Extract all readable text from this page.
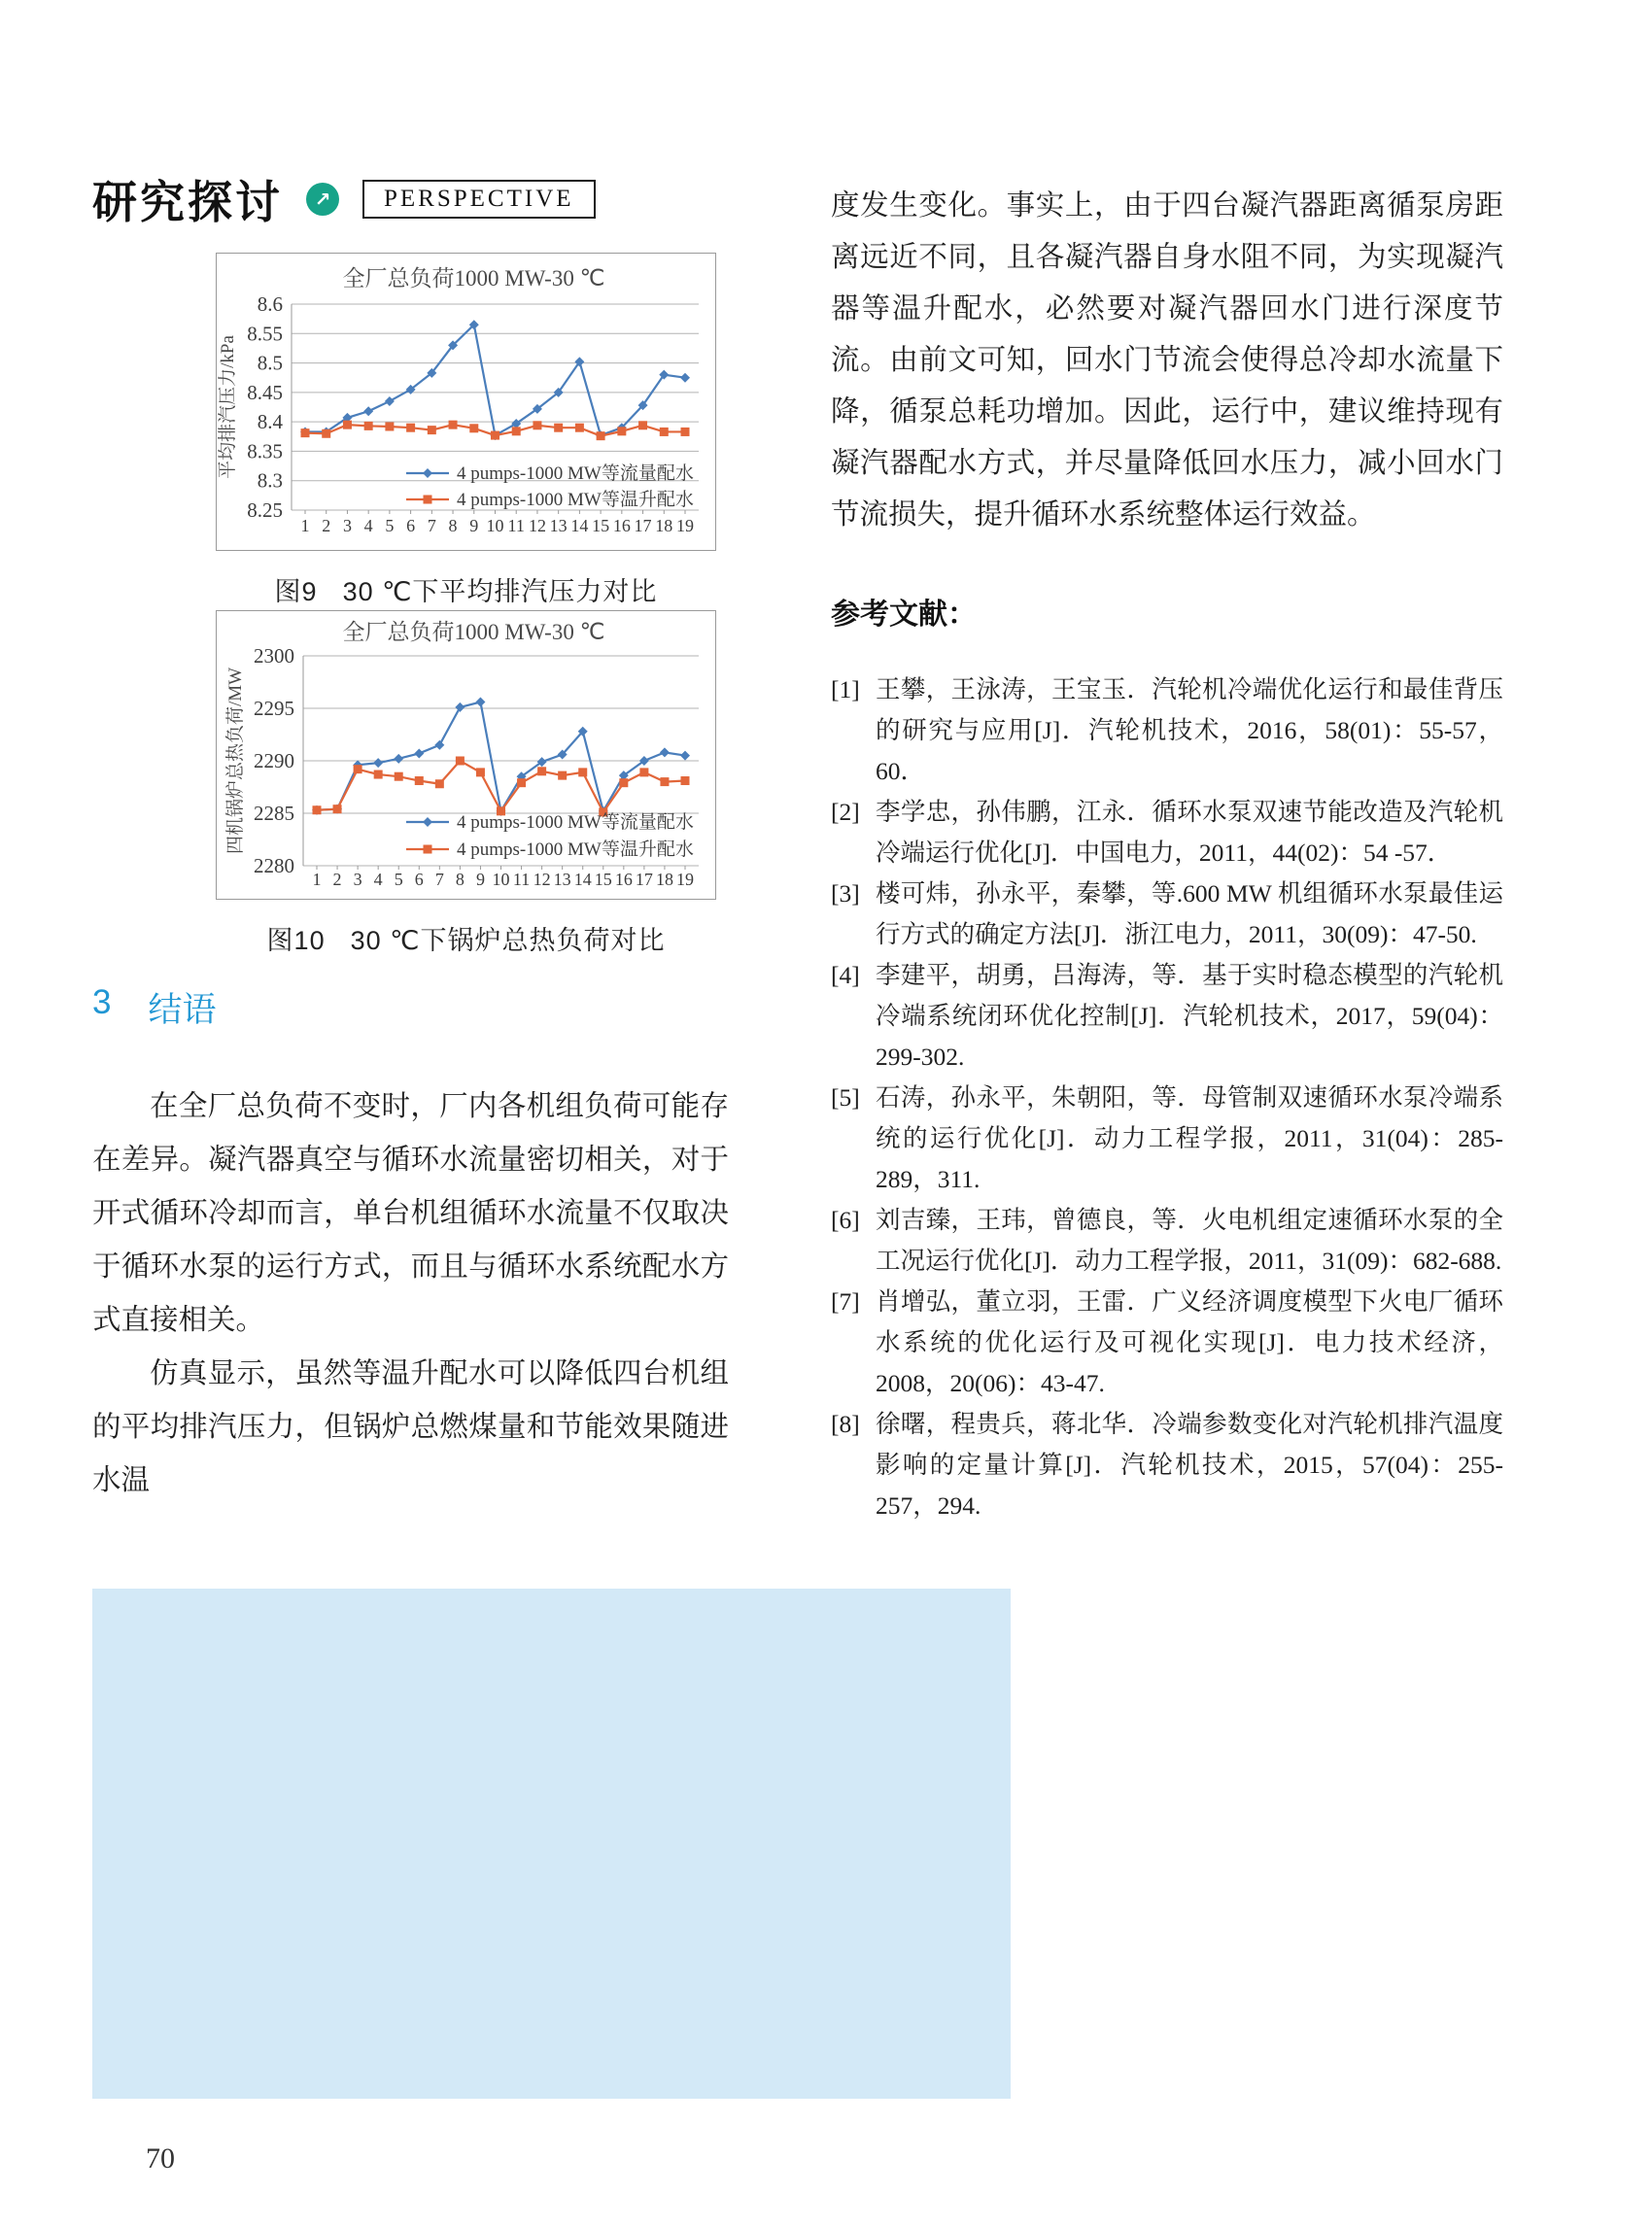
研究探讨	↗	PERSPECTIVE
8.25
8.3
8.35
8.4
8.45
8.5
8.55
8.6
1 2 3 4 5 6 7 8 9 10 11 12 13 14 15 16 17 18 19
全厂总负荷1000 MW-30 ℃
平均排汽压力/kPa	4 pumps-1000 MW等流量配水
4 pumps-1000 MW等温升配水
图9 30 ℃下平均排汽压力对比
2280
2285
2290
2295
2300
1 2 3 4 5 6 7 8 9 10 11 12 13 14 15 16 17 18 19
全厂总负荷1000 MW-30 ℃
四机锅炉总热负荷/MW	4 pumps-1000 MW等流量配水
4 pumps-1000 MW等温升配水
图10 30 ℃下锅炉总热负荷对比
3 结语

在全厂总负荷不变时，厂内各机组负荷可能存在差异。凝汽器真空与循环水流量密切相关，对于开式循环冷却而言，单台机组循环水流量不仅取决于循环水泵的运行方式，而且与循环水系统配水方式直接相关。

仿真显示，虽然等温升配水可以降低四台机组的平均排汽压力，但锅炉总燃煤量和节能效果随进水温

度发生变化。事实上，由于四台凝汽器距离循泵房距离远近不同，且各凝汽器自身水阻不同，为实现凝汽器等温升配水，必然要对凝汽器回水门进行深度节流。由前文可知，回水门节流会使得总冷却水流量下降，循泵总耗功增加。因此，运行中，建议维持现有凝汽器配水方式，并尽量降低回水压力，减小回水门节流损失，提升循环水系统整体运行效益。

参考文献：
[1] 王攀，王泳涛，王宝玉．汽轮机冷端优化运行和最佳背压的研究与应用[J]．汽轮机技术，2016，58(01)：55-57，60．
[2] 李学忠，孙伟鹏，江永．循环水泵双速节能改造及汽轮机冷端运行优化[J]．中国电力，2011，44(02)：54 -57．
[3] 楼可炜，孙永平，秦攀，等.600 MW 机组循环水泵最佳运行方式的确定方法[J]．浙江电力，2011，30(09)：47-50.
[4] 李建平，胡勇，吕海涛，等．基于实时稳态模型的汽轮机冷端系统闭环优化控制[J]．汽轮机技术，2017，59(04)：299-302.
[5] 石涛，孙永平，朱朝阳，等．母管制双速循环水泵冷端系统的运行优化[J]．动力工程学报，2011，31(04)：285-289，311.
[6] 刘吉臻，王玮，曾德良，等．火电机组定速循环水泵的全工况运行优化[J]．动力工程学报，2011，31(09)：682-688.
[7] 肖增弘，董立羽，王雷．广义经济调度模型下火电厂循环水系统的优化运行及可视化实现[J]．电力技术经济，2008，20(06)：43-47.
[8] 徐曙，程贵兵，蒋北华．冷端参数变化对汽轮机排汽温度影响的定量计算[J]．汽轮机技术，2015，57(04)：255-257，294.
70
